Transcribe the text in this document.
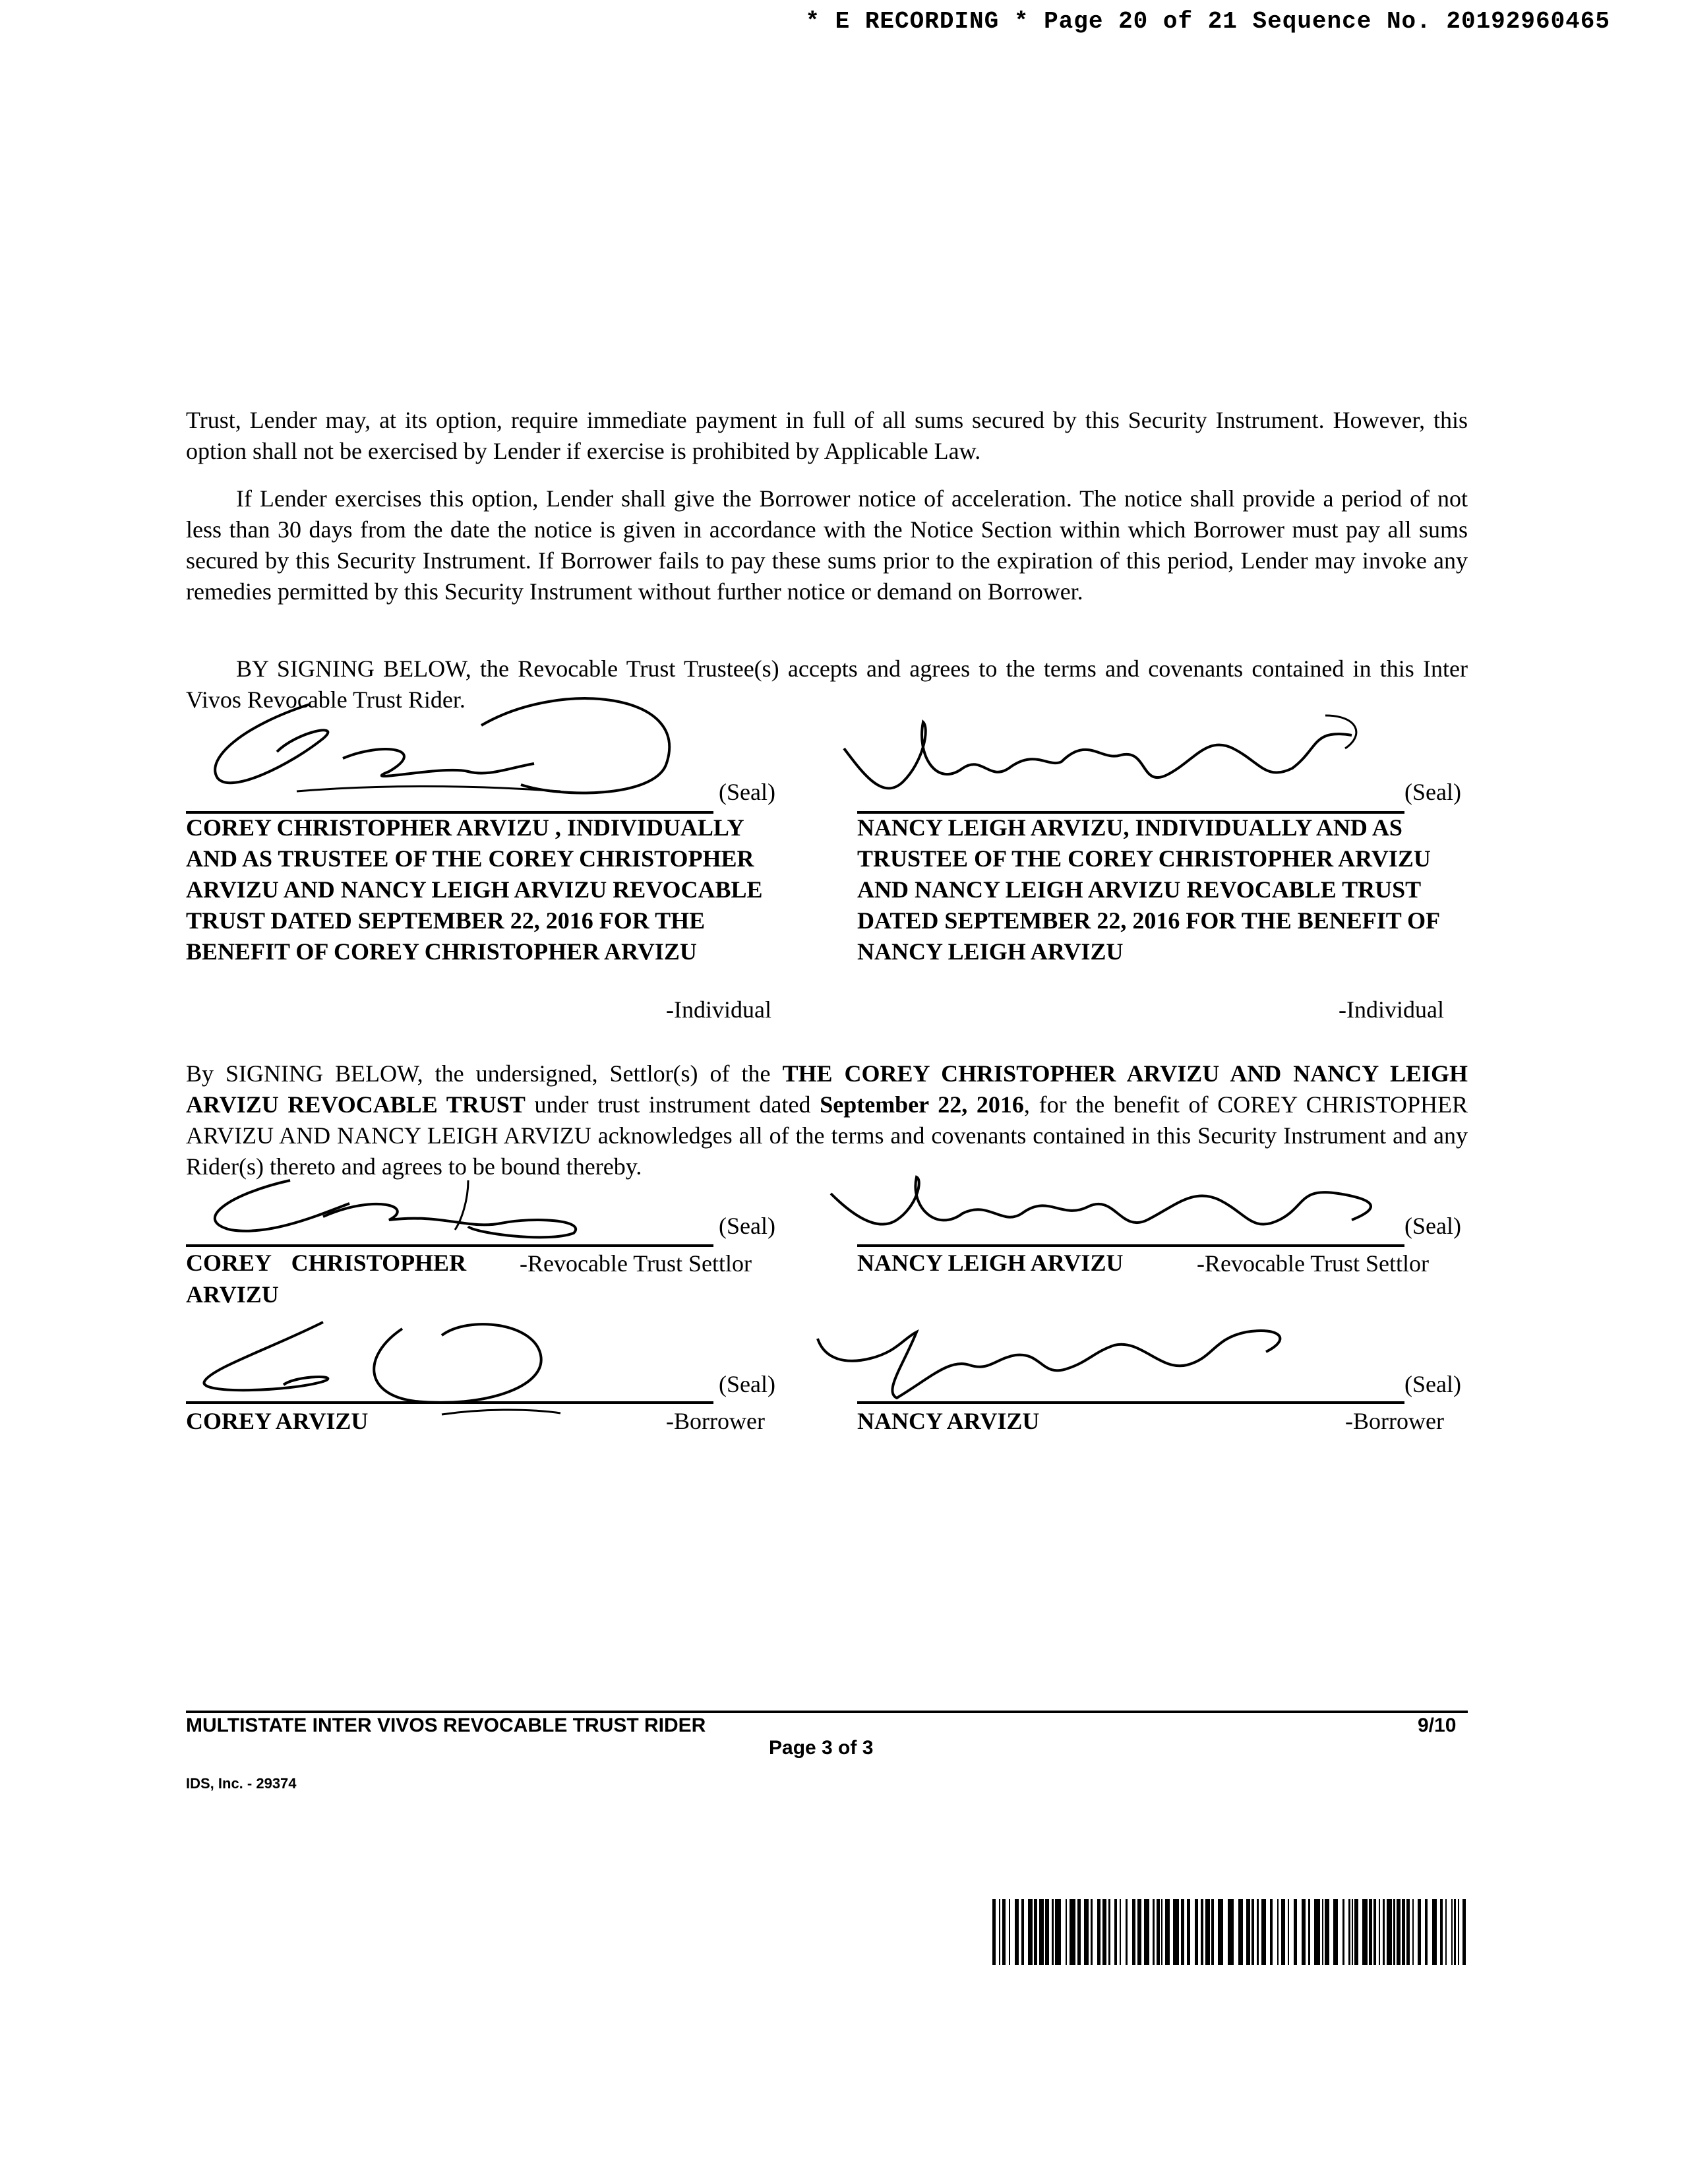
* E RECORDING * Page 20 of 21 Sequence No. 20192960465

Trust, Lender may, at its option, require immediate payment in full of all sums secured by this Security Instrument. However, this option shall not be exercised by Lender if exercise is prohibited by Applicable Law.

If Lender exercises this option, Lender shall give the Borrower notice of acceleration. The notice shall provide a period of not less than 30 days from the date the notice is given in accordance with the Notice Section within which Borrower must pay all sums secured by this Security Instrument. If Borrower fails to pay these sums prior to the expiration of this period, Lender may invoke any remedies permitted by this Security Instrument without further notice or demand on Borrower.

BY SIGNING BELOW, the Revocable Trust Trustee(s) accepts and agrees to the terms and covenants contained in this Inter Vivos Revocable Trust Rider.

(Seal)

COREY CHRISTOPHER ARVIZU , INDIVIDUALLY AND AS TRUSTEE OF THE COREY CHRISTOPHER ARVIZU AND NANCY LEIGH ARVIZU REVOCABLE TRUST DATED SEPTEMBER 22, 2016 FOR THE BENEFIT OF COREY CHRISTOPHER ARVIZU

-Individual
(Seal)

NANCY LEIGH ARVIZU, INDIVIDUALLY AND AS TRUSTEE OF THE COREY CHRISTOPHER ARVIZU AND NANCY LEIGH ARVIZU REVOCABLE TRUST DATED SEPTEMBER 22, 2016 FOR THE BENEFIT OF NANCY LEIGH ARVIZU

-Individual

By SIGNING BELOW, the undersigned, Settlor(s) of the THE COREY CHRISTOPHER ARVIZU AND NANCY LEIGH ARVIZU REVOCABLE TRUST under trust instrument dated September 22, 2016, for the benefit of COREY CHRISTOPHER ARVIZU AND NANCY LEIGH ARVIZU acknowledges all of the terms and covenants contained in this Security Instrument and any Rider(s) thereto and agrees to be bound thereby.

(Seal)
COREY CHRISTOPHER
ARVIZU
-Revocable Trust Settlor
(Seal)
NANCY LEIGH ARVIZU	-Revocable Trust Settlor
(Seal)
COREY ARVIZU	-Borrower
(Seal)
NANCY ARVIZU	-Borrower
MULTISTATE INTER VIVOS REVOCABLE TRUST RIDER	9/10
Page 3 of 3
IDS, Inc. - 29374
